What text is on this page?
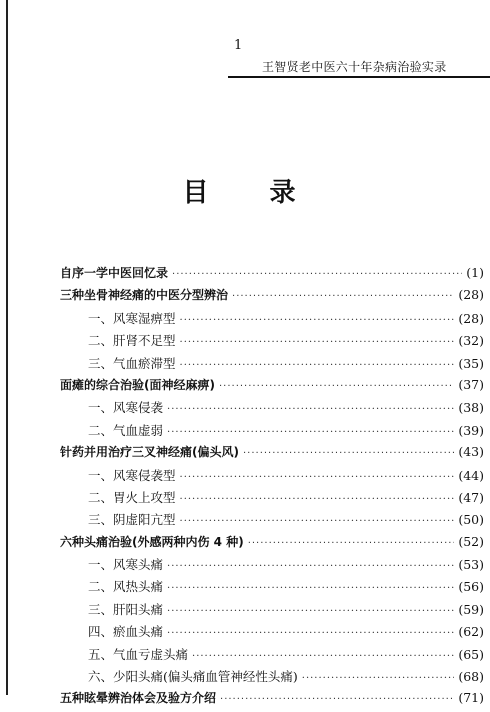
1
王智贤老中医六十年杂病治验实录
目 录
自序一学中医回忆录 ·····	(1)
三种坐骨神经痛的中医分型辨治 ·····	(28)
一、风寒湿痹型 ·····	(28)
二、肝肾不足型 ·····	(32)
三、气血瘀滞型 ·····	(35)
面瘫的综合治验(面神经麻痹) ·····	(37)
一、风寒侵袭 ·····	(38)
二、气血虚弱 ·····	(39)
针药并用治疗三叉神经痛(偏头风) ·····	(43)
一、风寒侵袭型 ·····	(44)
二、胃火上攻型 ·····	(47)
三、阴虚阳亢型 ·····	(50)
六种头痛治验(外感两种内伤 4 种) ·····	(52)
一、风寒头痛 ·····	(53)
二、风热头痛 ·····	(56)
三、肝阳头痛 ·····	(59)
四、瘀血头痛 ·····	(62)
五、气血亏虚头痛 ·····	(65)
六、少阳头痛(偏头痛血管神经性头痛) ·····	(68)
五种眩晕辨治体会及验方介绍 ·····	(71)
